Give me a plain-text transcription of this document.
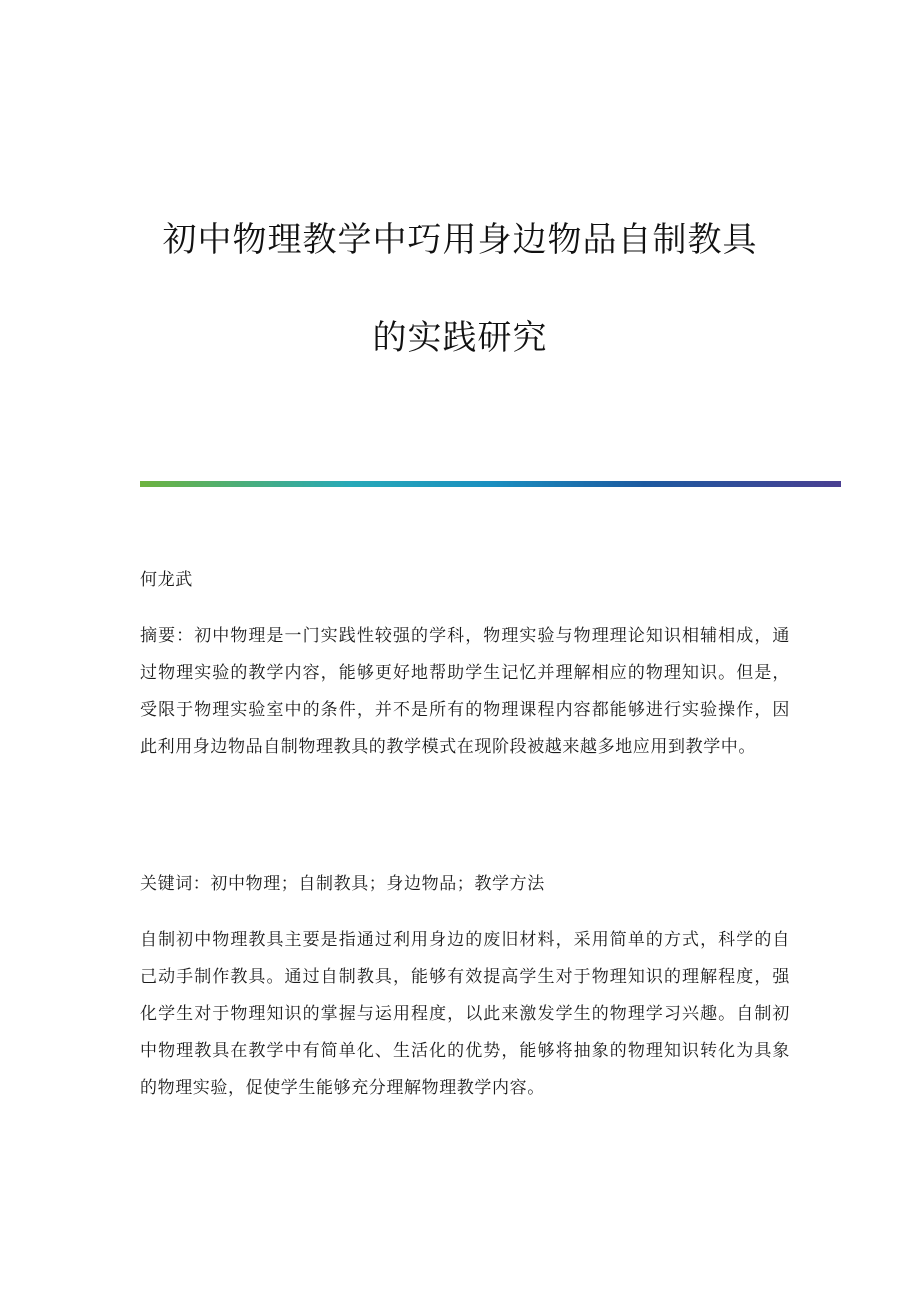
初中物理教学中巧用身边物品自制教具
的实践研究
何龙武
摘要：初中物理是一门实践性较强的学科，物理实验与物理理论知识相辅相成，通过物理实验的教学内容，能够更好地帮助学生记忆并理解相应的物理知识。但是，受限于物理实验室中的条件，并不是所有的物理课程内容都能够进行实验操作，因此利用身边物品自制物理教具的教学模式在现阶段被越来越多地应用到教学中。
关键词：初中物理；自制教具；身边物品；教学方法
自制初中物理教具主要是指通过利用身边的废旧材料，采用简单的方式，科学的自己动手制作教具。通过自制教具，能够有效提高学生对于物理知识的理解程度，强化学生对于物理知识的掌握与运用程度，以此来激发学生的物理学习兴趣。自制初中物理教具在教学中有简单化、生活化的优势，能够将抽象的物理知识转化为具象的物理实验，促使学生能够充分理解物理教学内容。
